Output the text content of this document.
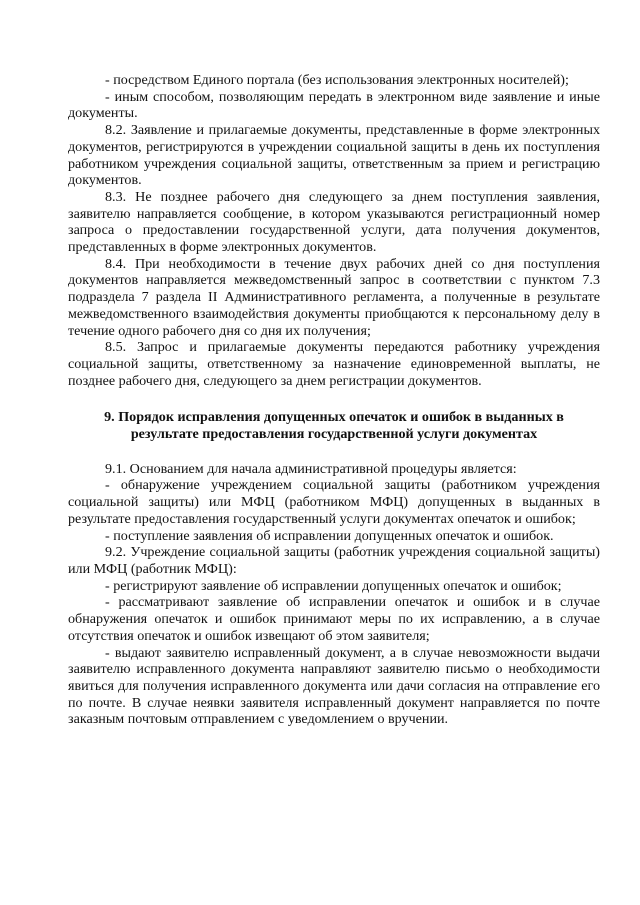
- посредством Единого портала (без использования электронных носителей);

- иным способом, позволяющим передать в электронном виде заявление и иные документы.

8.2. Заявление и прилагаемые документы, представленные в форме электронных документов, регистрируются в учреждении социальной защиты в день их поступления работником учреждения социальной защиты, ответственным за прием и регистрацию документов.

8.3. Не позднее рабочего дня следующего за днем поступления заявления, заявителю направляется сообщение, в котором указываются регистрационный номер запроса о предоставлении государственной услуги, дата получения документов, представленных в форме электронных документов.

8.4. При необходимости в течение двух рабочих дней со дня поступления документов направляется межведомственный запрос в соответствии с пунктом 7.3 подраздела 7 раздела II Административного регламента, а полученные в результате межведомственного взаимодействия документы приобщаются к персональному делу в течение одного рабочего дня со дня их получения;

8.5. Запрос и прилагаемые документы передаются работнику учреждения социальной защиты, ответственному за назначение единовременной выплаты, не позднее рабочего дня, следующего за днем регистрации документов.

9. Порядок исправления допущенных опечаток и ошибок в выданных в результате предоставления государственной услуги документах

9.1. Основанием для начала административной процедуры является:

- обнаружение учреждением социальной защиты (работником учреждения социальной защиты) или МФЦ (работником МФЦ) допущенных в выданных в результате предоставления государственный услуги документах опечаток и ошибок;

- поступление заявления об исправлении допущенных опечаток и ошибок.

9.2. Учреждение социальной защиты (работник учреждения социальной защиты) или МФЦ (работник МФЦ):

- регистрируют заявление об исправлении допущенных опечаток и ошибок;

- рассматривают заявление об исправлении опечаток и ошибок и в случае обнаружения опечаток и ошибок принимают меры по их исправлению, а в случае отсутствия опечаток и ошибок извещают об этом заявителя;

- выдают заявителю исправленный документ, а в случае невозможности выдачи заявителю исправленного документа направляют заявителю письмо о необходимости явиться для получения исправленного документа или дачи согласия на отправление его по почте. В случае неявки заявителя исправленный документ направляется по почте заказным почтовым отправлением с уведомлением о вручении.
